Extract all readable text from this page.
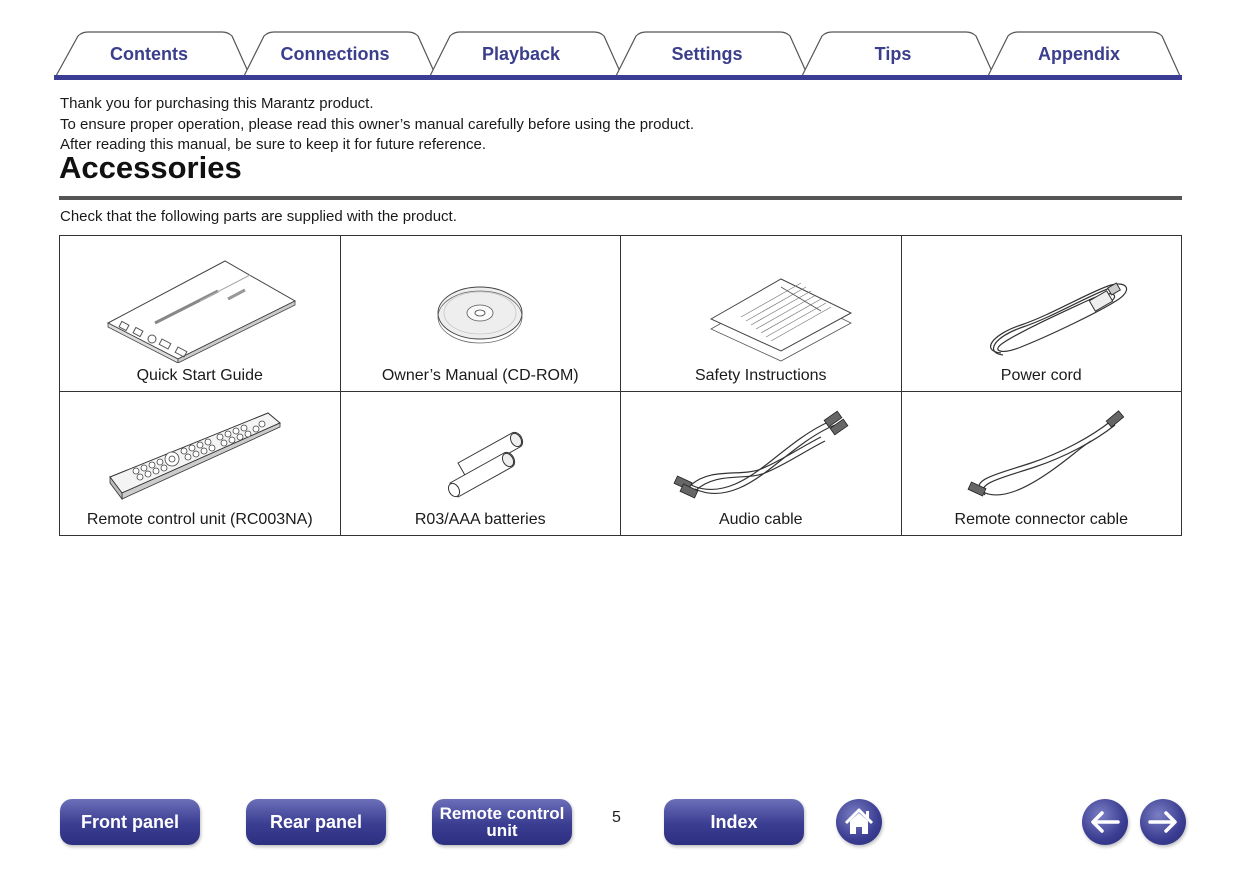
Contents	Connections	Playback	Settings	Tips	Appendix

Thank you for purchasing this Marantz product.

To ensure proper operation, please read this owner’s manual carefully before using the product.

After reading this manual, be sure to keep it for future reference.

Accessories
Check that the following parts are supplied with the product.
Quick Start Guide	Owner’s Manual (CD-ROM)	Safety Instructions	Power cord

Remote control unit (RC003NA)	R03/AAA batteries	Audio cable	Remote connector cable
Front panel	Rear panel	Remote control
unit
5	Index
